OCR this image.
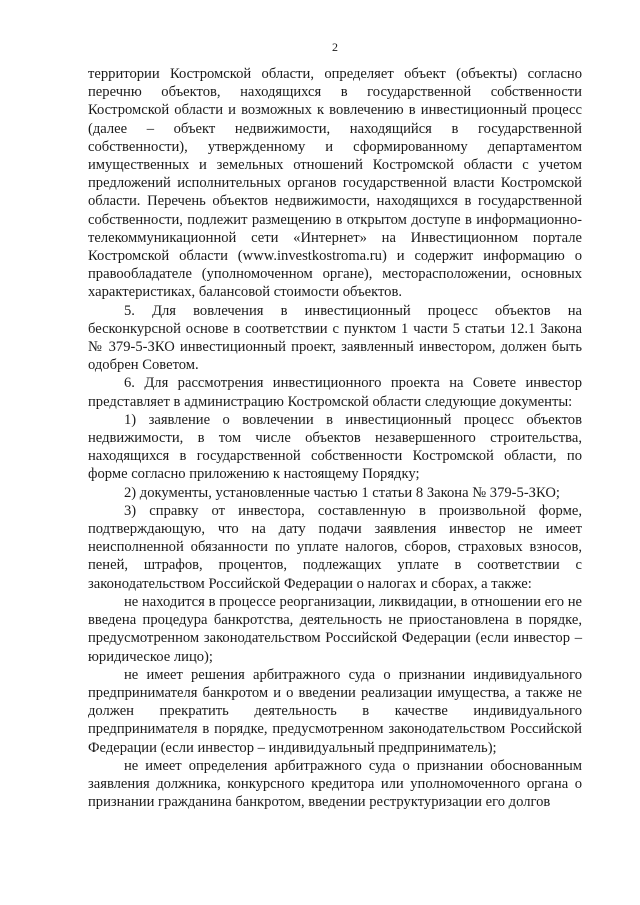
2

территории Костромской области, определяет объект (объекты) согласно перечню объектов, находящихся в государственной собственности Костромской области и возможных к вовлечению в инвестиционный процесс (далее – объект недвижимости, находящийся в государственной собственности), утвержденному и сформированному департаментом имущественных и земельных отношений Костромской области с учетом предложений исполнительных органов государственной власти Костромской области. Перечень объектов недвижимости, находящихся в государственной собственности, подлежит размещению в открытом доступе в информационно-телекоммуникационной сети «Интернет» на Инвестиционном портале Костромской области (www.investkostroma.ru) и содержит информацию о правообладателе (уполномоченном органе), месторасположении, основных характеристиках, балансовой стоимости объектов.

5. Для вовлечения в инвестиционный процесс объектов на бесконкурсной основе в соответствии с пунктом 1 части 5 статьи 12.1 Закона № 379-5-ЗКО инвестиционный проект, заявленный инвестором, должен быть одобрен Советом.

6. Для рассмотрения инвестиционного проекта на Совете инвестор представляет в администрацию Костромской области следующие документы:

1) заявление о вовлечении в инвестиционный процесс объектов недвижимости, в том числе объектов незавершенного строительства, находящихся в государственной собственности Костромской области, по форме согласно приложению к настоящему Порядку;

2) документы, установленные частью 1 статьи 8 Закона № 379-5-ЗКО;

3) справку от инвестора, составленную в произвольной форме, подтверждающую, что на дату подачи заявления инвестор не имеет неисполненной обязанности по уплате налогов, сборов, страховых взносов, пеней, штрафов, процентов, подлежащих уплате в соответствии с законодательством Российской Федерации о налогах и сборах, а также:

не находится в процессе реорганизации, ликвидации, в отношении его не введена процедура банкротства, деятельность не приостановлена в порядке, предусмотренном законодательством Российской Федерации (если инвестор – юридическое лицо);

не имеет решения арбитражного суда о признании индивидуального предпринимателя банкротом и о введении реализации имущества, а также не должен прекратить деятельность в качестве индивидуального предпринимателя в порядке, предусмотренном законодательством Российской Федерации (если инвестор – индивидуальный предприниматель);

не имеет определения арбитражного суда о признании обоснованным заявления должника, конкурсного кредитора или уполномоченного органа о признании гражданина банкротом, введении реструктуризации его долгов
